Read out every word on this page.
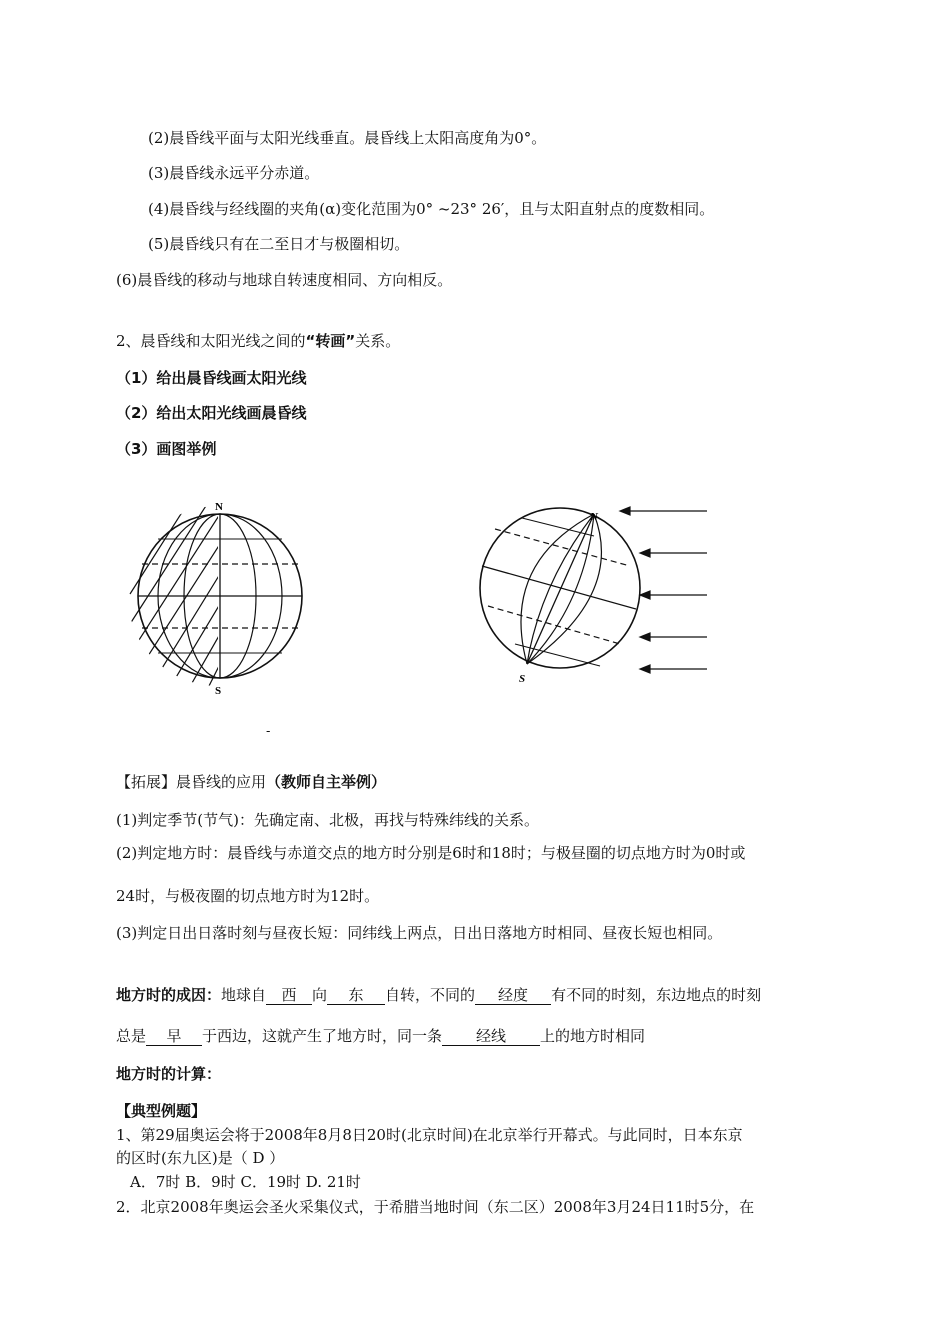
(2)晨昏线平面与太阳光线垂直。晨昏线上太阳高度角为0°。
(3)晨昏线永远平分赤道。
(4)晨昏线与经线圈的夹角(α)变化范围为0° ~23° 26′，且与太阳直射点的度数相同。
(5)晨昏线只有在二至日才与极圈相切。
(6)晨昏线的移动与地球自转速度相同、方向相反。
2、晨昏线和太阳光线之间的“转画”关系。
（1）给出晨昏线画太阳光线
（2）给出太阳光线画晨昏线
（3）画图举例
N
S
-
N
S
【拓展】晨昏线的应用（教师自主举例）
(1)判定季节(节气)：先确定南、北极，再找与特殊纬线的关系。
(2)判定地方时：晨昏线与赤道交点的地方时分别是6时和18时；与极昼圈的切点地方时为0时或
24时，与极夜圈的切点地方时为12时。
(3)判定日出日落时刻与昼夜长短：同纬线上两点，日出日落地方时相同、昼夜长短也相同。
地方时的成因：地球自 西 向 东 自转，不同的 经度 有不同的时刻，东边地点的时刻
总是 早 于西边，这就产生了地方时，同一条 经线 上的地方时相同
地方时的计算：
【典型例题】
1、第29届奥运会将于2008年8月8日20时(北京时间)在北京举行开幕式。与此同时，日本东京
的区时(东九区)是（ D ）
A．7时 B．9时 C．19时 D. 21时
2．北京2008年奥运会圣火采集仪式，于希腊当地时间（东二区）2008年3月24日11时5分，在
